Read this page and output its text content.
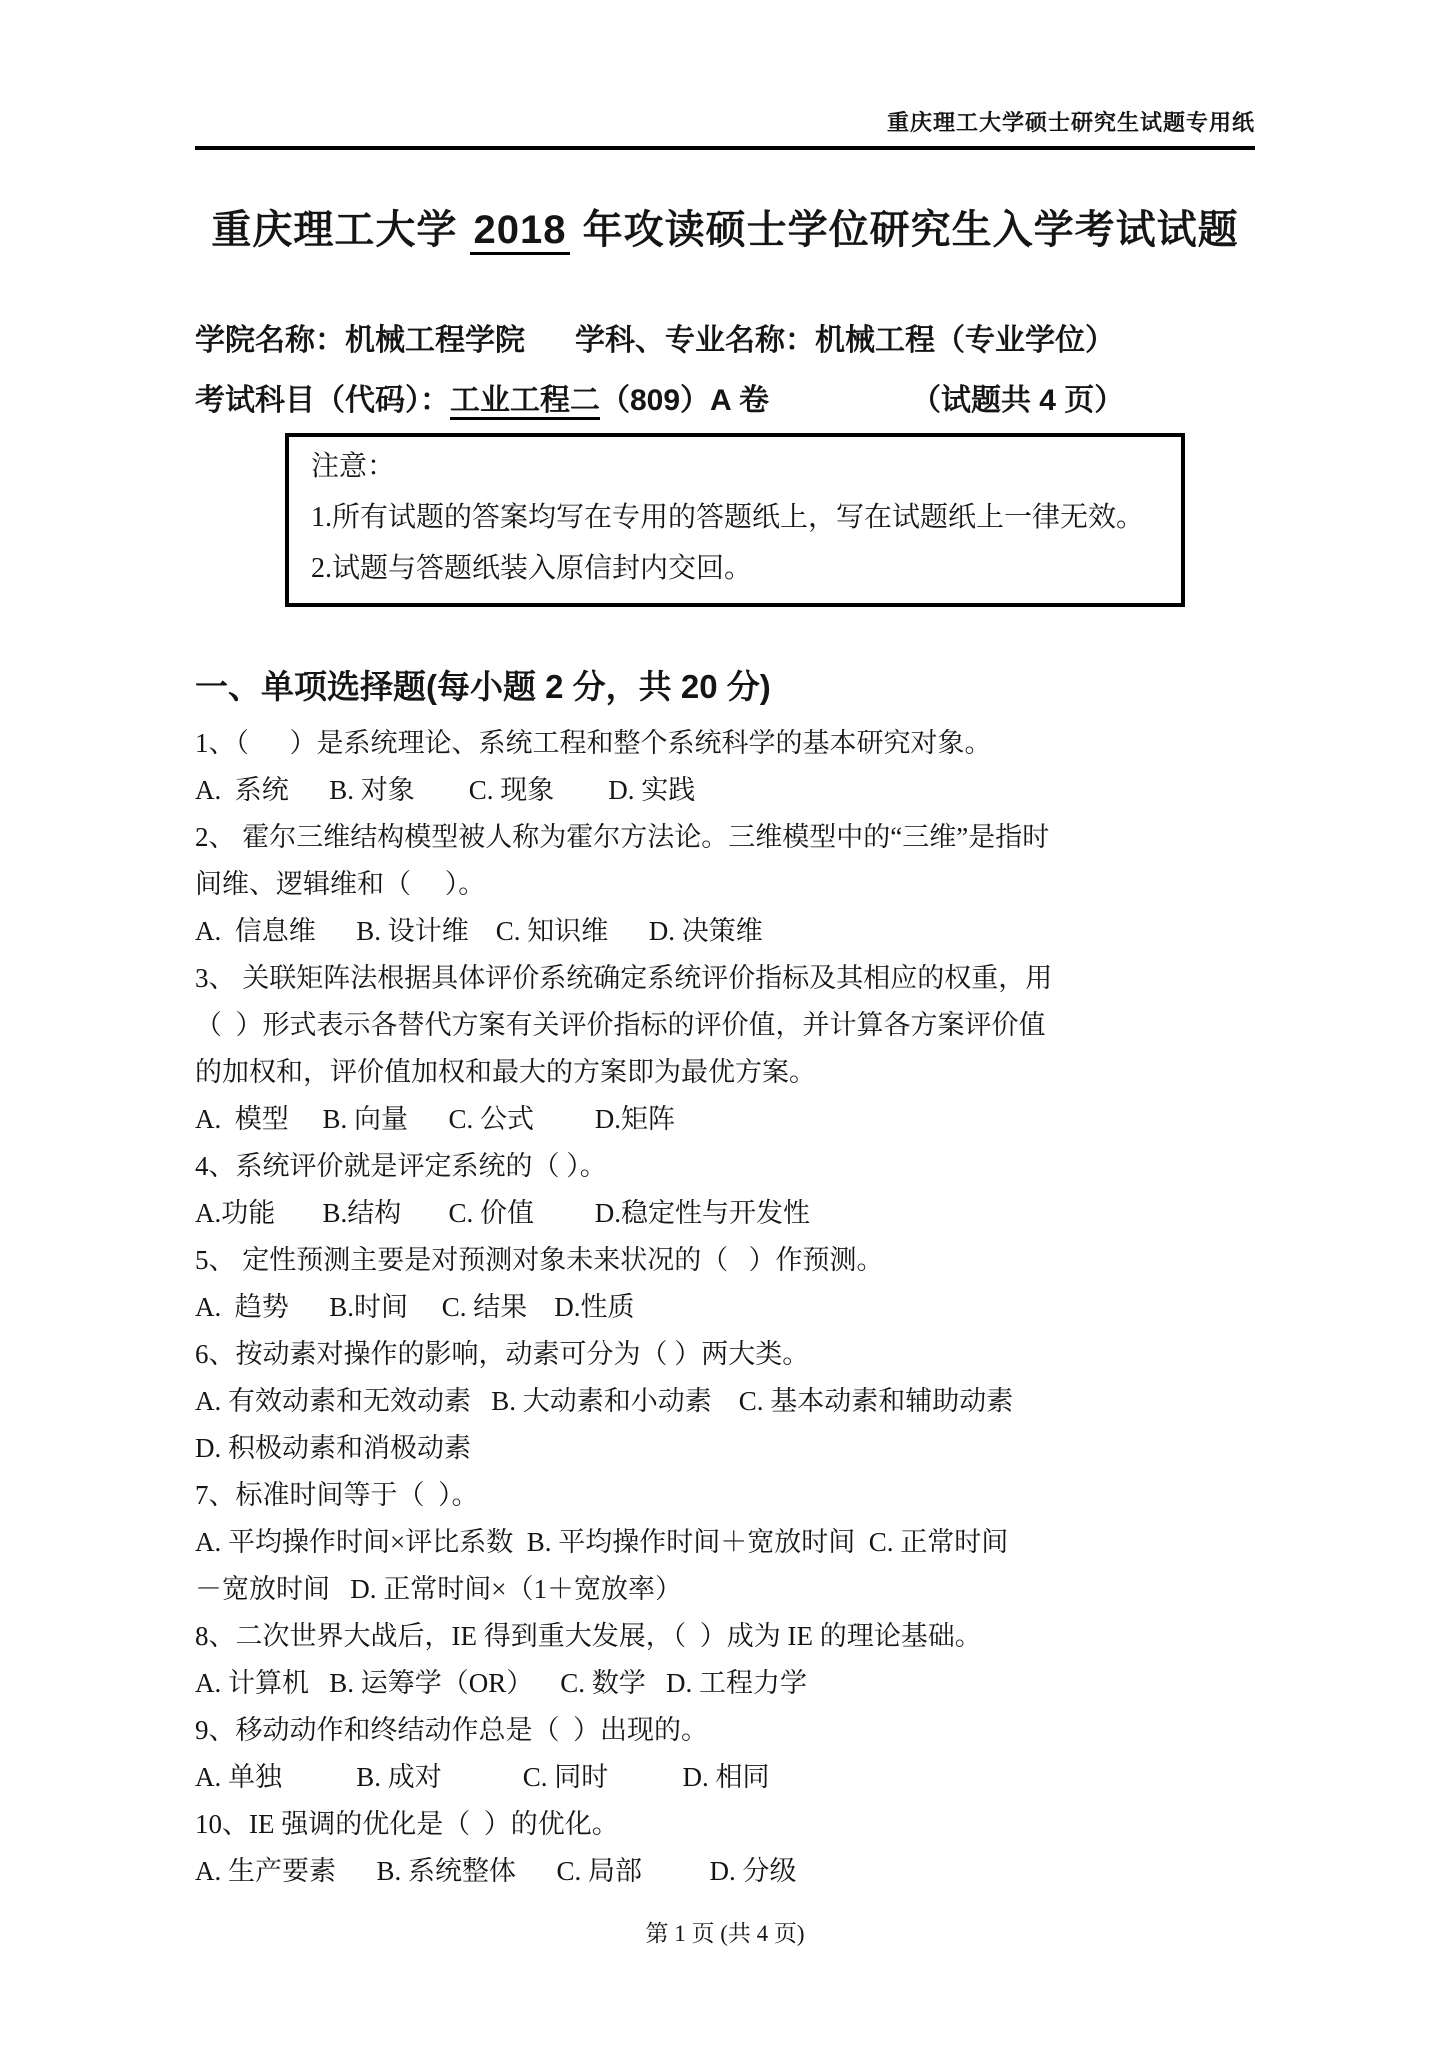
重庆理工大学硕士研究生试题专用纸
重庆理工大学 2018 年攻读硕士学位研究生入学考试试题
学院名称：机械工程学院      学科、专业名称：机械工程（专业学位）
考试科目（代码）：工业工程二（809）A 卷	（试题共 4 页）
注意：
1.所有试题的答案均写在专用的答题纸上，写在试题纸上一律无效。
2.试题与答题纸装入原信封内交回。
一、单项选择题(每小题 2 分，共 20 分)
1、（      ）是系统理论、系统工程和整个系统科学的基本研究对象。
A.  系统      B. 对象        C. 现象        D. 实践
2、 霍尔三维结构模型被人称为霍尔方法论。三维模型中的“三维”是指时
间维、逻辑维和（     ）。
A.  信息维      B. 设计维    C. 知识维      D. 决策维
3、 关联矩阵法根据具体评价系统确定系统评价指标及其相应的权重，用
（  ）形式表示各替代方案有关评价指标的评价值，并计算各方案评价值
的加权和，评价值加权和最大的方案即为最优方案。
A.  模型     B. 向量      C. 公式         D.矩阵
4、系统评价就是评定系统的（ ）。
A.功能       B.结构       C. 价值         D.稳定性与开发性
5、 定性预测主要是对预测对象未来状况的（   ）作预测。
A.  趋势      B.时间     C. 结果    D.性质
6、按动素对操作的影响，动素可分为（ ）两大类。
A. 有效动素和无效动素   B. 大动素和小动素    C. 基本动素和辅助动素
D. 积极动素和消极动素
7、标准时间等于（  ）。
A. 平均操作时间×评比系数  B. 平均操作时间＋宽放时间  C. 正常时间
－宽放时间   D. 正常时间×（1＋宽放率）
8、二次世界大战后，IE 得到重大发展，（  ）成为 IE 的理论基础。
A. 计算机   B. 运筹学（OR）    C. 数学   D. 工程力学
9、移动动作和终结动作总是（  ）出现的。
A. 单独           B. 成对            C. 同时           D. 相同
10、IE 强调的优化是（  ）的优化。
A. 生产要素      B. 系统整体      C. 局部          D. 分级
第 1 页 (共 4 页)
